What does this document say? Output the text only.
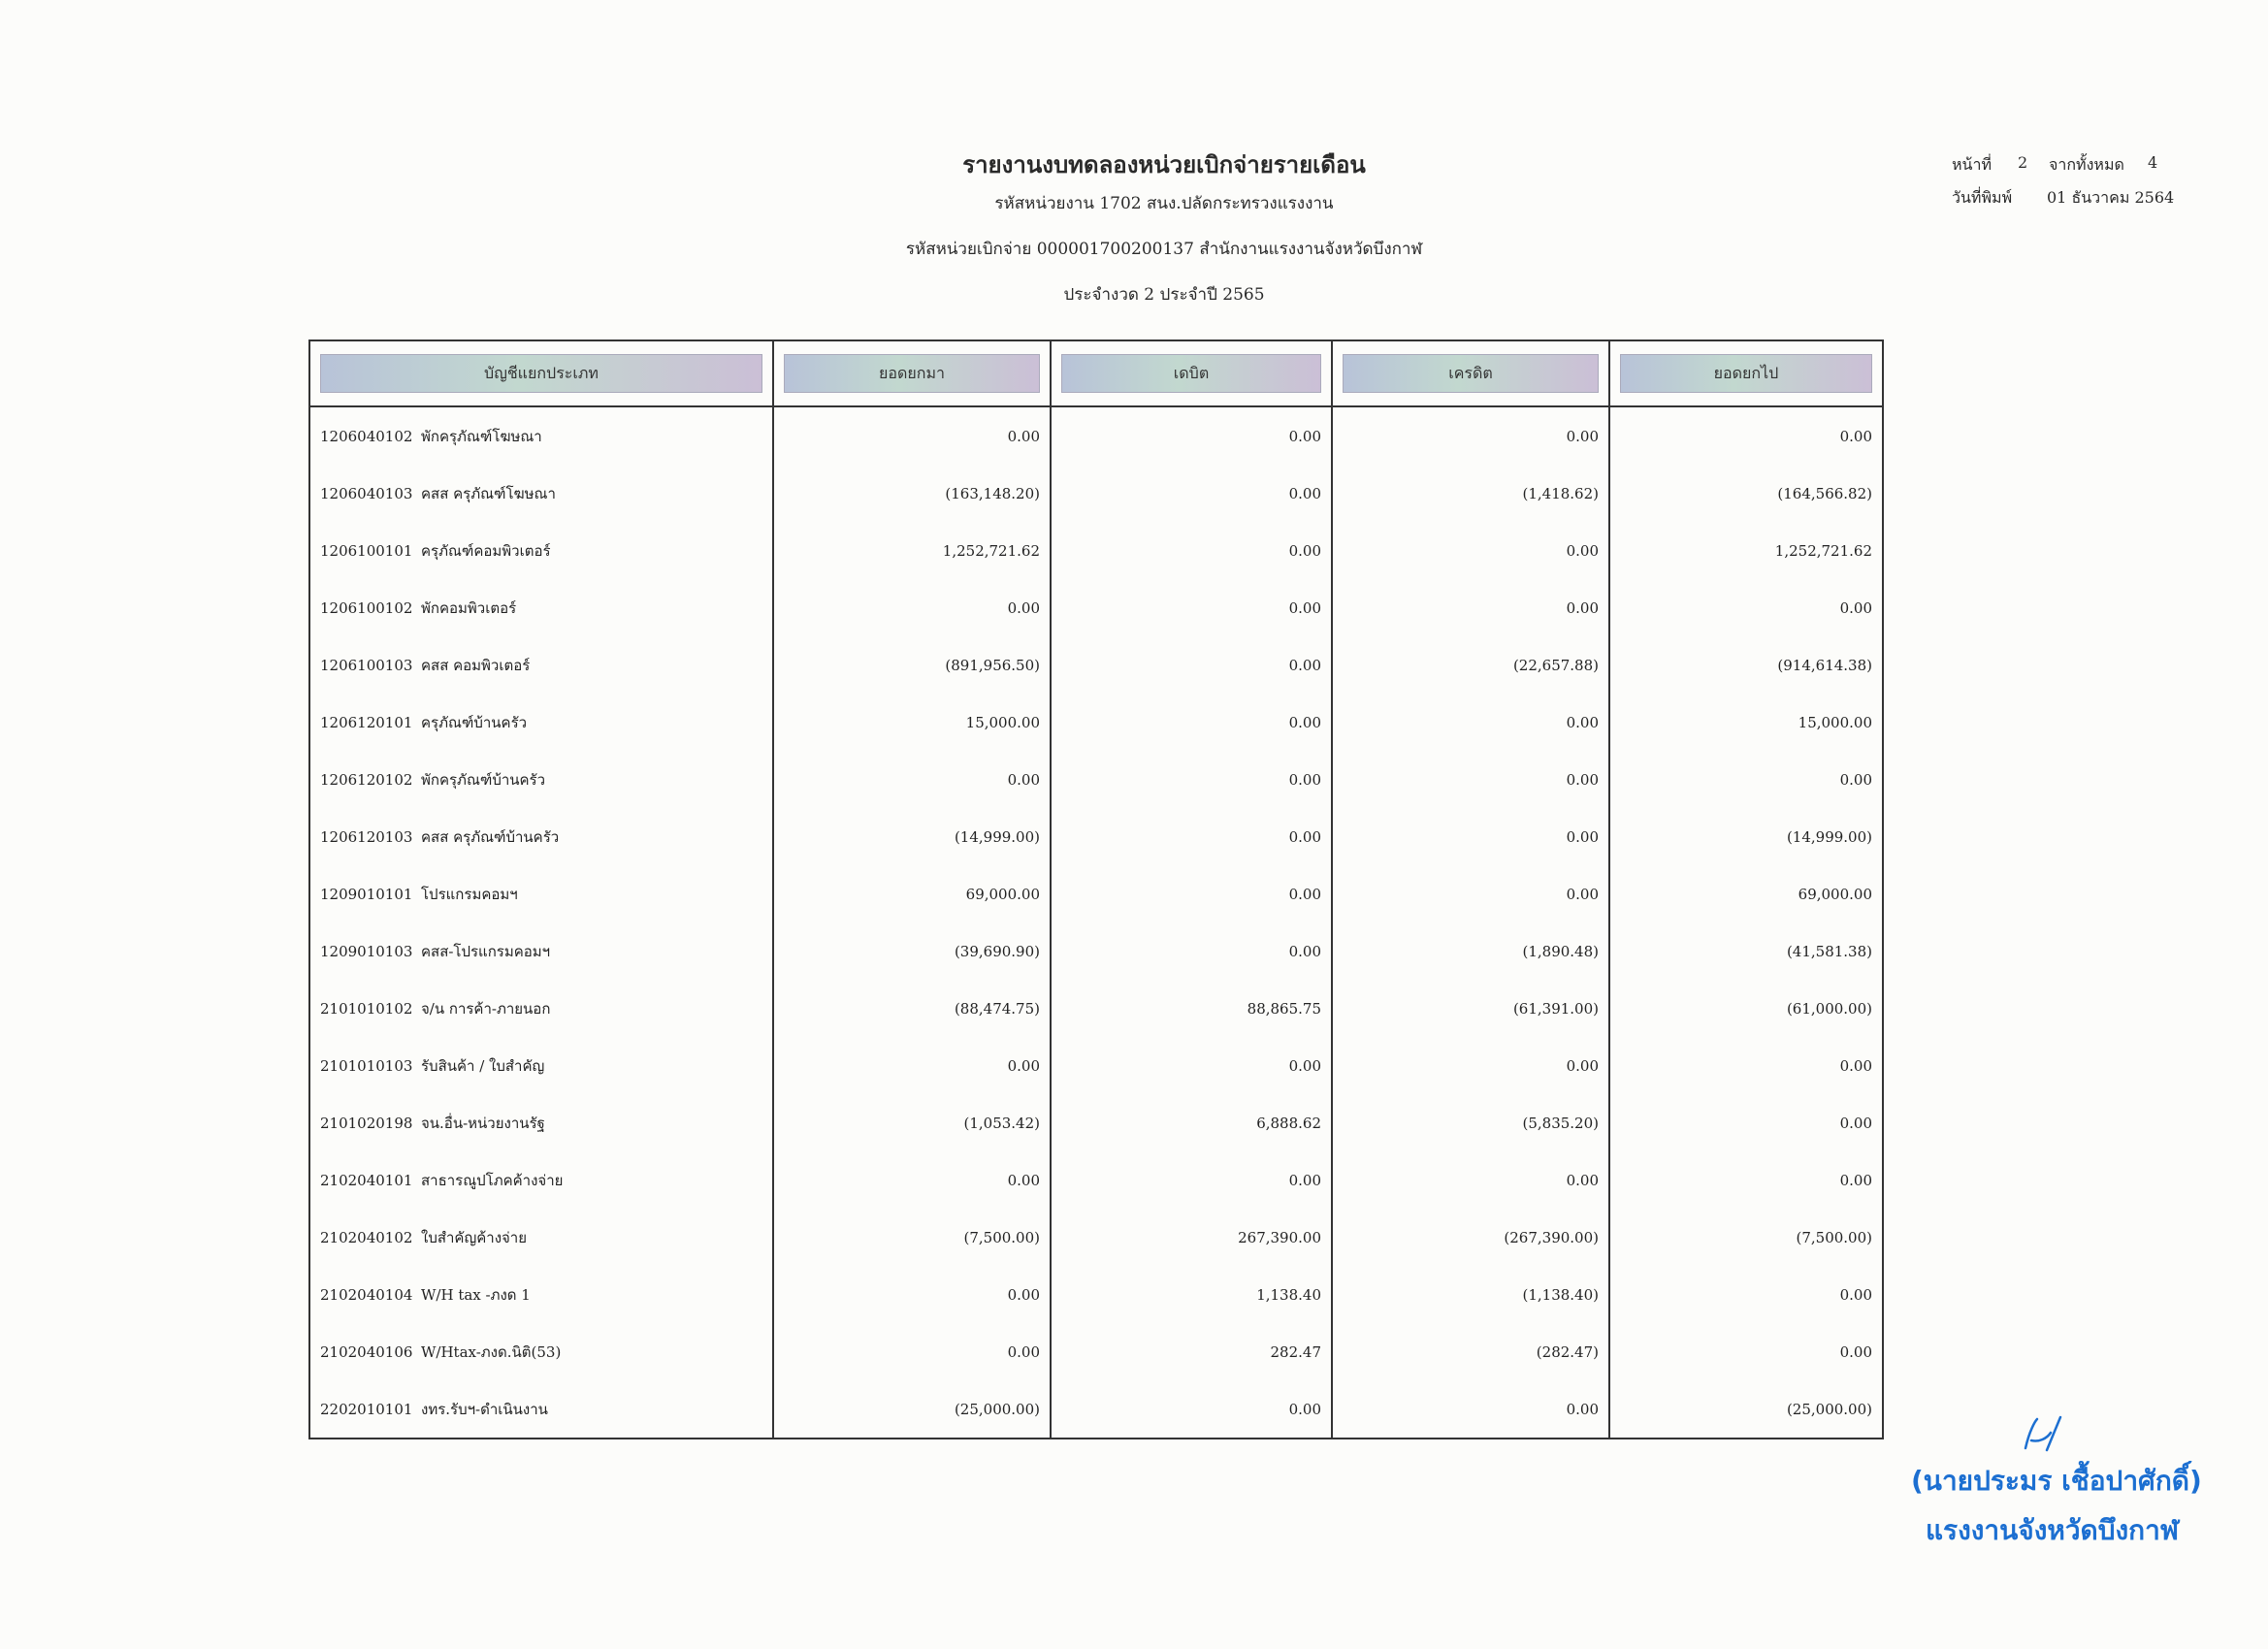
รายงานงบทดลองหน่วยเบิกจ่ายรายเดือน
รหัสหน่วยงาน 1702 สนง.ปลัดกระทรวงแรงงาน
รหัสหน่วยเบิกจ่าย 000001700200137 สำนักงานแรงงานจังหวัดบึงกาฬ
ประจำงวด 2 ประจำปี 2565
หน้าที่ 2 จากทั้งหมด 4
วันที่พิมพ์ 01 ธันวาคม 2564
บัญชีแยกประเภท	ยอดยกมา	เดบิต	เครดิต	ยอดยกไป

1206040102 พักครุภัณฑ์โฆษณา	0.00	0.00	0.00	0.00
1206040103 คสส ครุภัณฑ์โฆษณา	(163,148.20)	0.00	(1,418.62)	(164,566.82)
1206100101 ครุภัณฑ์คอมพิวเตอร์	1,252,721.62	0.00	0.00	1,252,721.62
1206100102 พักคอมพิวเตอร์	0.00	0.00	0.00	0.00
1206100103 คสส คอมพิวเตอร์	(891,956.50)	0.00	(22,657.88)	(914,614.38)
1206120101 ครุภัณฑ์บ้านครัว	15,000.00	0.00	0.00	15,000.00
1206120102 พักครุภัณฑ์บ้านครัว	0.00	0.00	0.00	0.00
1206120103 คสส ครุภัณฑ์บ้านครัว	(14,999.00)	0.00	0.00	(14,999.00)
1209010101 โปรแกรมคอมฯ	69,000.00	0.00	0.00	69,000.00
1209010103 คสส-โปรแกรมคอมฯ	(39,690.90)	0.00	(1,890.48)	(41,581.38)
2101010102 จ/น การค้า-ภายนอก	(88,474.75)	88,865.75	(61,391.00)	(61,000.00)
2101010103 รับสินค้า / ใบสำคัญ	0.00	0.00	0.00	0.00
2101020198 จน.อื่น-หน่วยงานรัฐ	(1,053.42)	6,888.62	(5,835.20)	0.00
2102040101 สาธารณูปโภคค้างจ่าย	0.00	0.00	0.00	0.00
2102040102 ใบสำคัญค้างจ่าย	(7,500.00)	267,390.00	(267,390.00)	(7,500.00)
2102040104 W/H tax -ภงด 1	0.00	1,138.40	(1,138.40)	0.00
2102040106 W/Htax-ภงด.นิติ(53)	0.00	282.47	(282.47)	0.00
2202010101 งทร.รับฯ-ดำเนินงาน	(25,000.00)	0.00	0.00	(25,000.00)
(นายประมร เชื้อปาศักดิ์)
แรงงานจังหวัดบึงกาฬ
